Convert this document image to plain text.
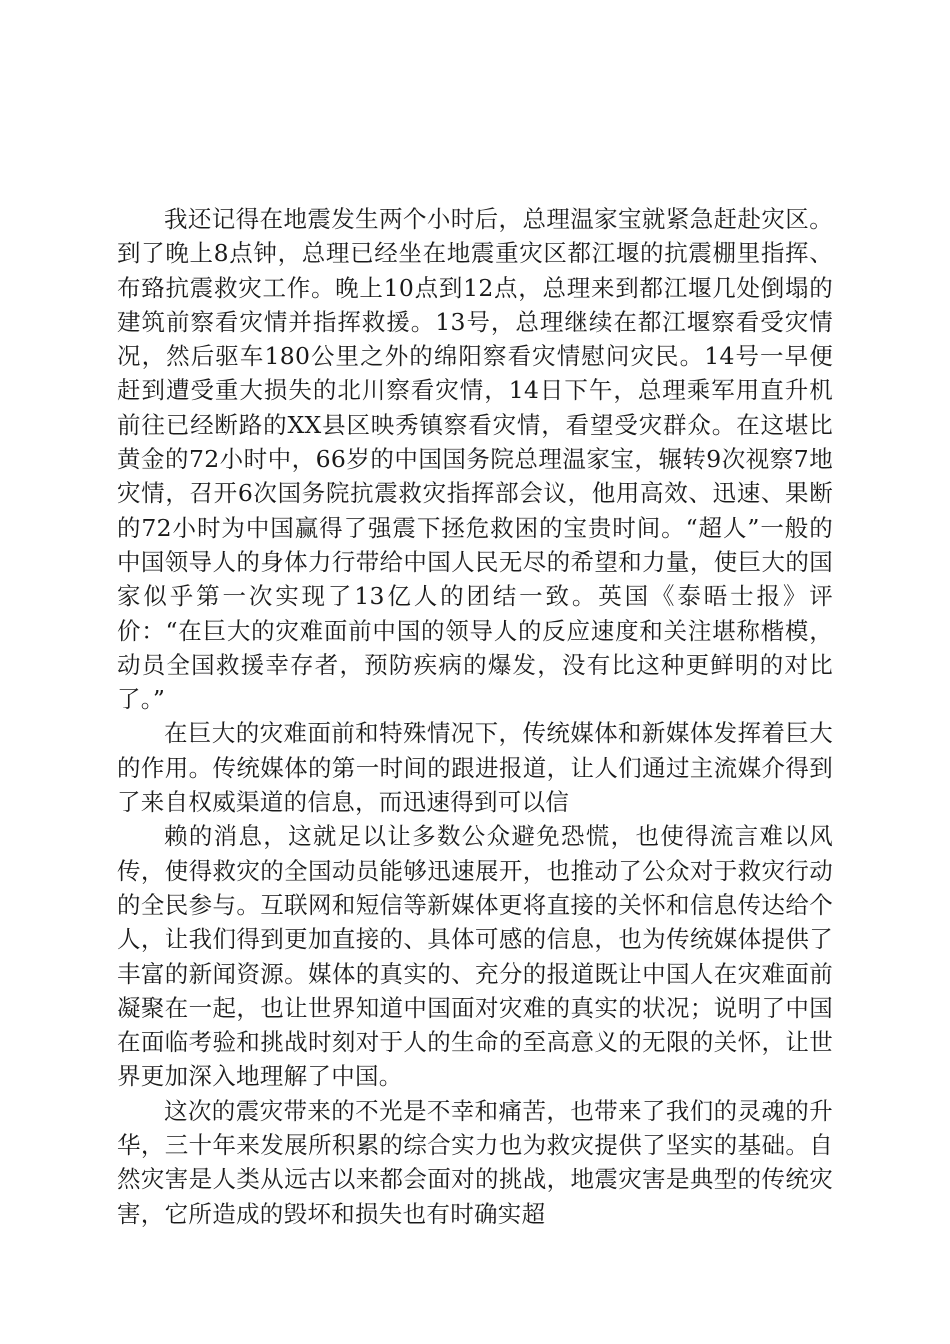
我还记得在地震发生两个小时后，总理温家宝就紧急赶赴灾区。到了晚上8点钟，总理已经坐在地震重灾区都江堰的抗震棚里指挥、布臵抗震救灾工作。晚上10点到12点，总理来到都江堰几处倒塌的建筑前察看灾情并指挥救援。13号，总理继续在都江堰察看受灾情况，然后驱车180公里之外的绵阳察看灾情慰问灾民。14号一早便赶到遭受重大损失的北川察看灾情，14日下午，总理乘军用直升机前往已经断路的XX县区映秀镇察看灾情，看望受灾群众。在这堪比黄金的72小时中，66岁的中国国务院总理温家宝，辗转9次视察7地灾情，召开6次国务院抗震救灾指挥部会议，他用高效、迅速、果断的72小时为中国赢得了强震下拯危救困的宝贵时间。“超人”一般的中国领导人的身体力行带给中国人民无尽的希望和力量，使巨大的国家似乎第一次实现了13亿人的团结一致。英国《泰晤士报》评价：“在巨大的灾难面前中国的领导人的反应速度和关注堪称楷模，动员全国救援幸存者，预防疾病的爆发，没有比这种更鲜明的对比了。”

在巨大的灾难面前和特殊情况下，传统媒体和新媒体发挥着巨大的作用。传统媒体的第一时间的跟进报道，让人们通过主流媒介得到了来自权威渠道的信息，而迅速得到可以信

赖的消息，这就足以让多数公众避免恐慌，也使得流言难以风传，使得救灾的全国动员能够迅速展开，也推动了公众对于救灾行动的全民参与。互联网和短信等新媒体更将直接的关怀和信息传达给个人，让我们得到更加直接的、具体可感的信息，也为传统媒体提供了丰富的新闻资源。媒体的真实的、充分的报道既让中国人在灾难面前凝聚在一起，也让世界知道中国面对灾难的真实的状况；说明了中国在面临考验和挑战时刻对于人的生命的至高意义的无限的关怀，让世界更加深入地理解了中国。

这次的震灾带来的不光是不幸和痛苦，也带来了我们的灵魂的升华，三十年来发展所积累的综合实力也为救灾提供了坚实的基础。自然灾害是人类从远古以来都会面对的挑战，地震灾害是典型的传统灾害，它所造成的毁坏和损失也有时确实超
